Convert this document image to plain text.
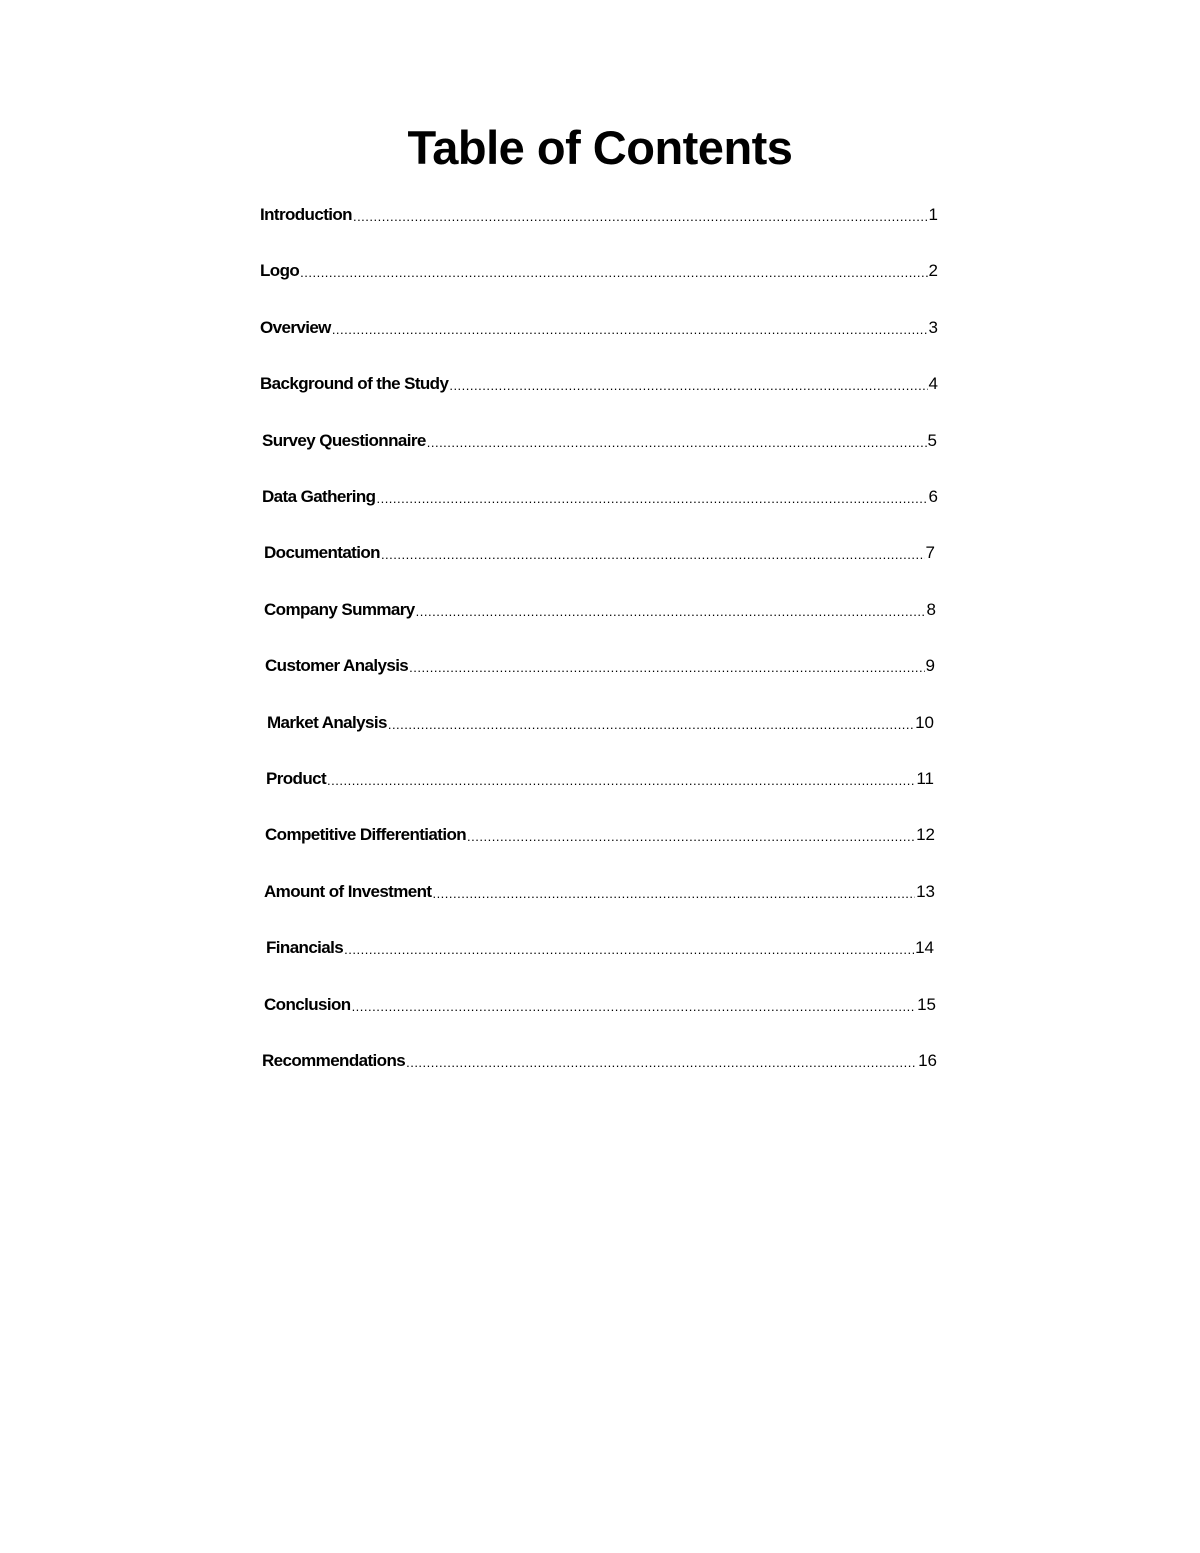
Table of Contents
Introduction .....	1
Logo .....	2
Overview .....	3
Background of the Study .....	4
Survey Questionnaire .....	5
Data Gathering .....	6
Documentation .....	7
Company Summary .....	8
Customer Analysis .....	9
Market Analysis .....	10
Product .....	11
Competitive Differentiation .....	12
Amount of Investment .....	13
Financials .....	14
Conclusion .....	15
Recommendations .....	16
